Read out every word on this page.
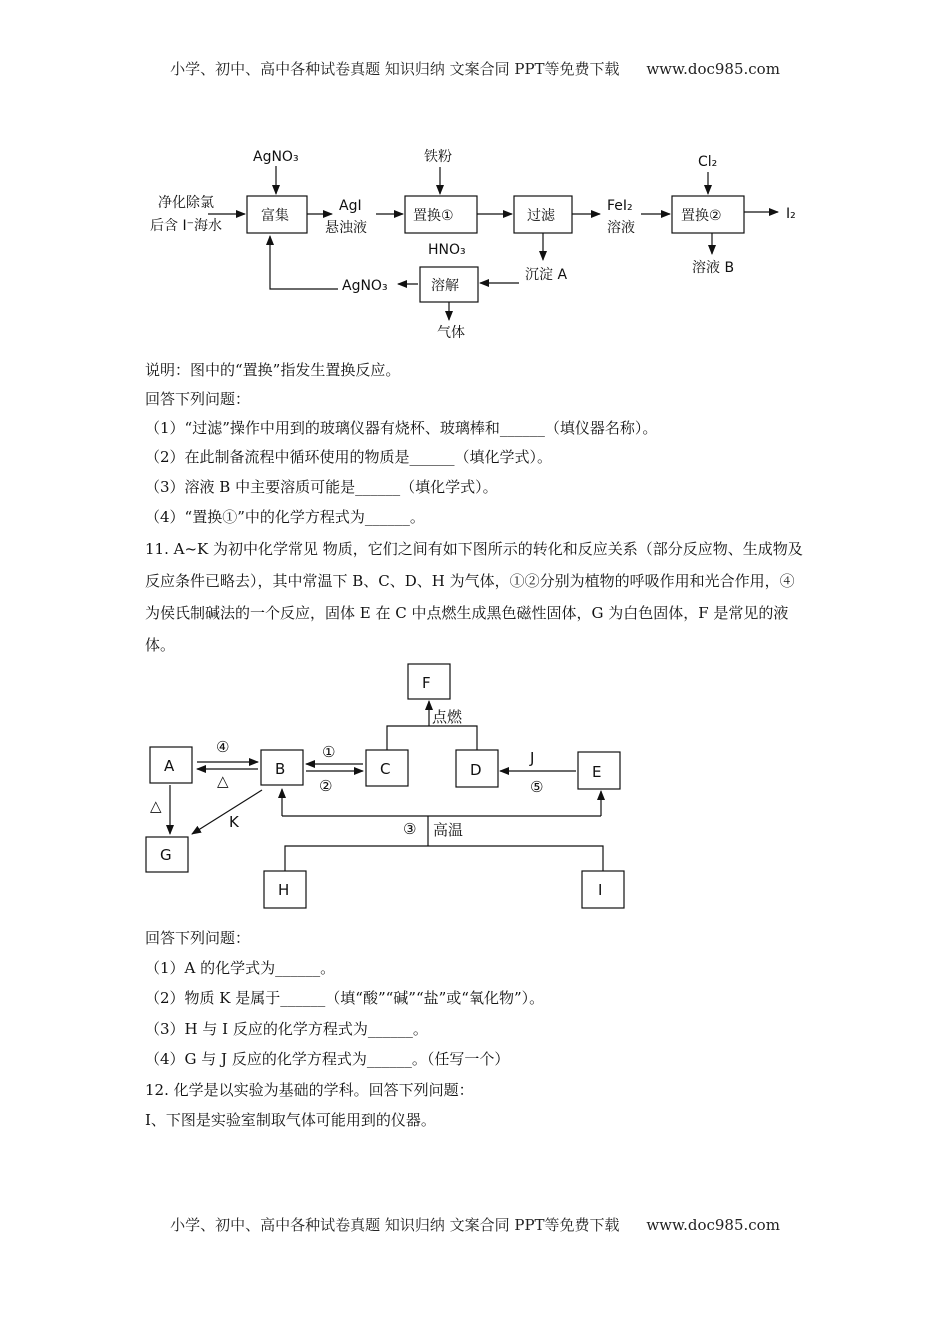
小学、初中、高中各种试卷真题 知识归纳 文案合同 PPT等免费下载 www.doc985.com
净化除氯
后含 I⁻海水
AgNO₃
富集
AgI
悬浊液
铁粉
置换①	过滤
FeI₂
溶液
Cl₂
置换②	I₂
溶液 B
HNO₃
溶解
沉淀 A
AgNO₃
气体
F
A	B	C	D	E
G
H	I
④
△
①
②
J
⑤
△
K
点燃
③ 高温
说明：图中的“置换”指发生置换反应。
回答下列问题：
（1）“过滤”操作中用到的玻璃仪器有烧杯、玻璃棒和______（填仪器名称）。
（2）在此制备流程中循环使用的物质是______（填化学式）。
（3）溶液 B 中主要溶质可能是______（填化学式）。
（4）“置换①”中的化学方程式为______。
11. A~K 为初中化学常见 物质，它们之间有如下图所示的转化和反应关系（部分反应物、生成物及反应条件已略去），其中常温下 B、C、D、H 为气体，①②分别为植物的呼吸作用和光合作用，④为侯氏制碱法的一个反应，固体 E 在 C 中点燃生成黑色磁性固体，G 为白色固体，F 是常见的液体。
回答下列问题：
（1）A 的化学式为______。
（2）物质 K 是属于______（填“酸”“碱”“盐”或“氧化物”）。
（3）H 与 I 反应的化学方程式为______。
（4）G 与 J 反应的化学方程式为______。（任写一个）
12. 化学是以实验为基础的学科。回答下列问题：
I、下图是实验室制取气体可能用到的仪器。
小学、初中、高中各种试卷真题 知识归纳 文案合同 PPT等免费下载 www.doc985.com
